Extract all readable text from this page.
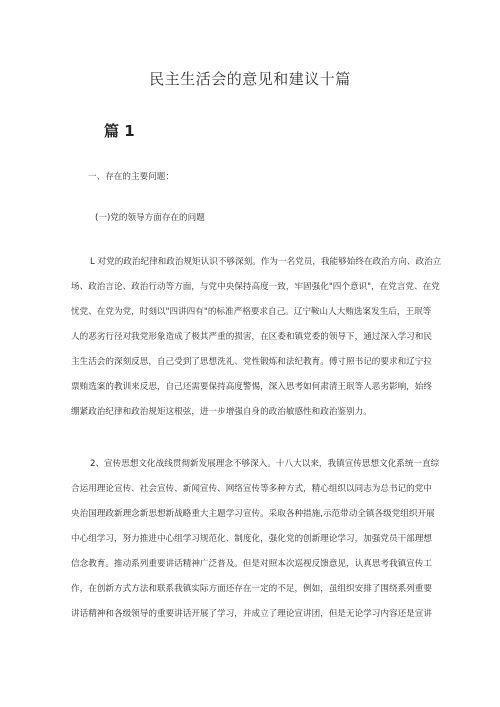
民主生活会的意见和建议十篇
篇 1
一、存在的主要问题：
(一)党的领导方面存在的问题
L 对党的政治纪律和政治规矩认识不够深刻。作为一名党员，我能够始终在政治方向、政治立
场、政治言论、政治行动等方面，与党中央保持高度一致，牢固强化"四个意识"，在党言党、在党
忧党、在党为党，时刻以"四讲四有"的标准严格要求自己。辽宁鞍山人大贿选案发生后，王珉等
人的恶劣行径对我党形象造成了极其严重的损害，在区委和镇党委的领导下，通过深入学习和民
主生活会的深刻反思，自己受到了思想洗礼、党性锻炼和法纪教育。傅寸照书记的要求和辽宁拉
票贿选案的教训来反思，自己还需要保持高度警惕，深入思考如何肃清王珉等人恶劣影响，始终
绷紧政治纪律和政治规矩这根弦，进一步增强自身的政治敏感性和政治鉴别力。
2、宣传思想文化战线贯彻新发展理念不够深入。十八大以来，我镇宣传思想文化系统一直综
合运用理论宣传、社会宣传、新闻宣传、网络宣传等多种方式，精心组织以同志为总书记的党中
央治国理政新理念新思想新战略重大主题学习宣传。采取各种措施,示范带动全镇各级党组织开展
中心组学习，努力推进中心组学习规范化、制度化，强化党的创新理论学习，加强党员干部理想
信念教育。推动系列重要讲话精神广泛普及。但是对照本次巡视反馈意见，认真思考我镇宣传工
作，在创新方式方法和联系我镇实际方面还存在一定的不足，例如，虽组织安排了围绕系列重要
讲话精神和各级领导的重要讲话开展了学习，并成立了理论宣讲团，但是无论学习内容还是宣讲
